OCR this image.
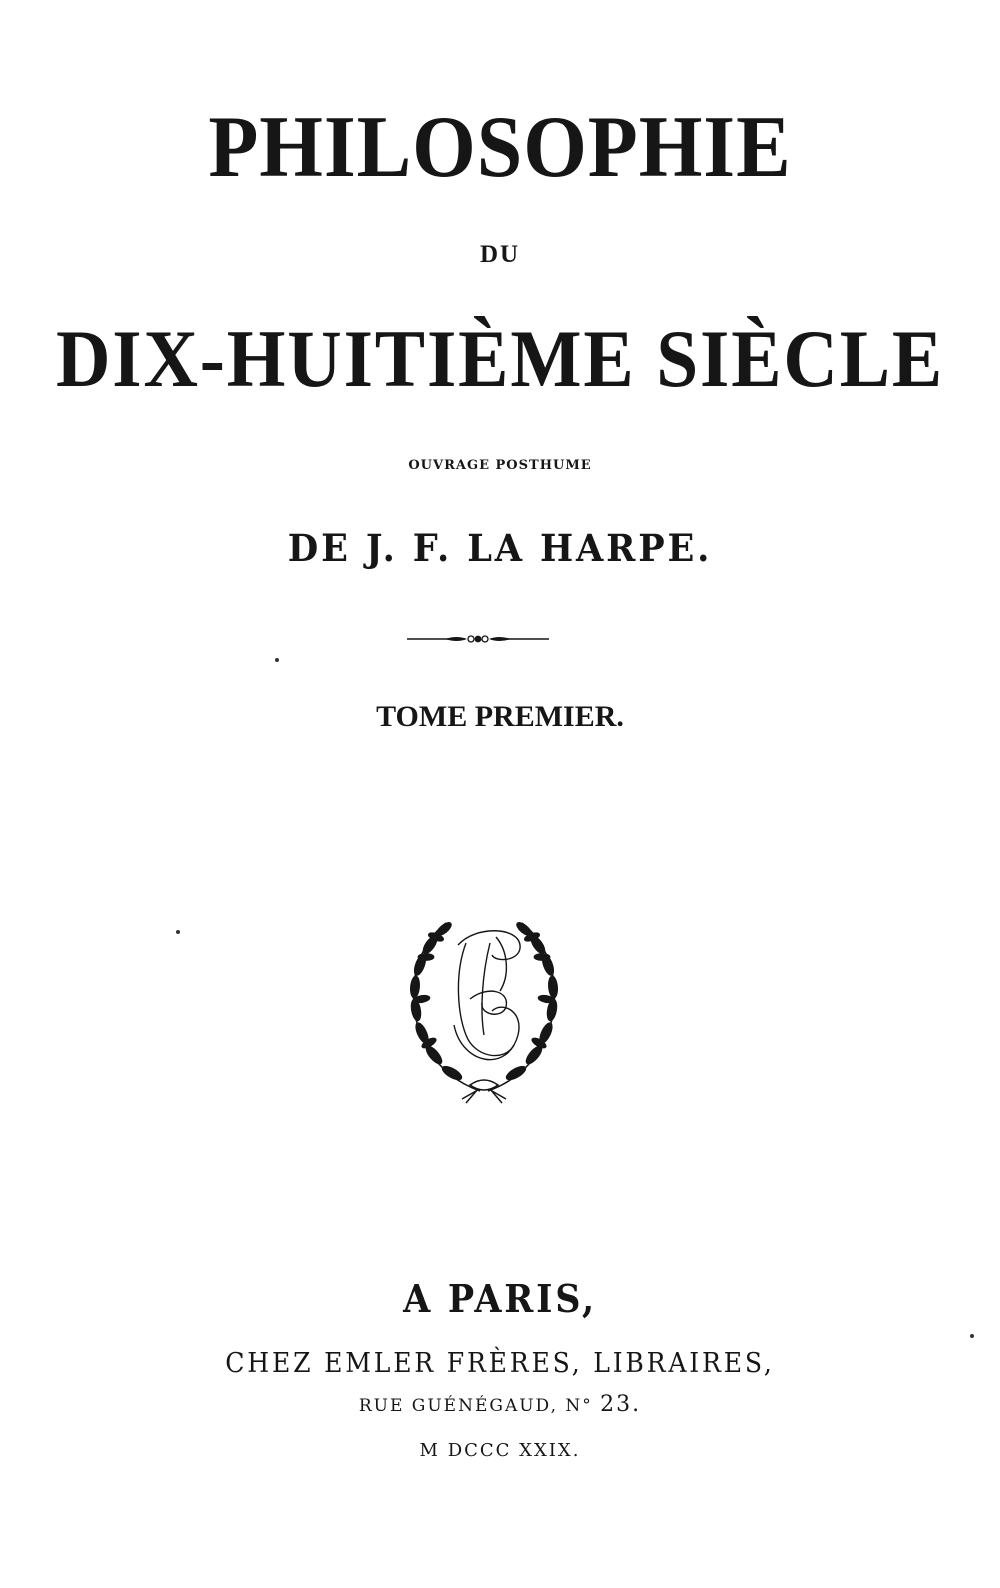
PHILOSOPHIE
DU
DIX-HUITIÈME SIÈCLE
OUVRAGE POSTHUME
DE J. F. LA HARPE.
TOME PREMIER.
A PARIS,
CHEZ EMLER FRÈRES, LIBRAIRES,
RUE GUÉNÉGAUD, N° 23.
M DCCC XXIX.
